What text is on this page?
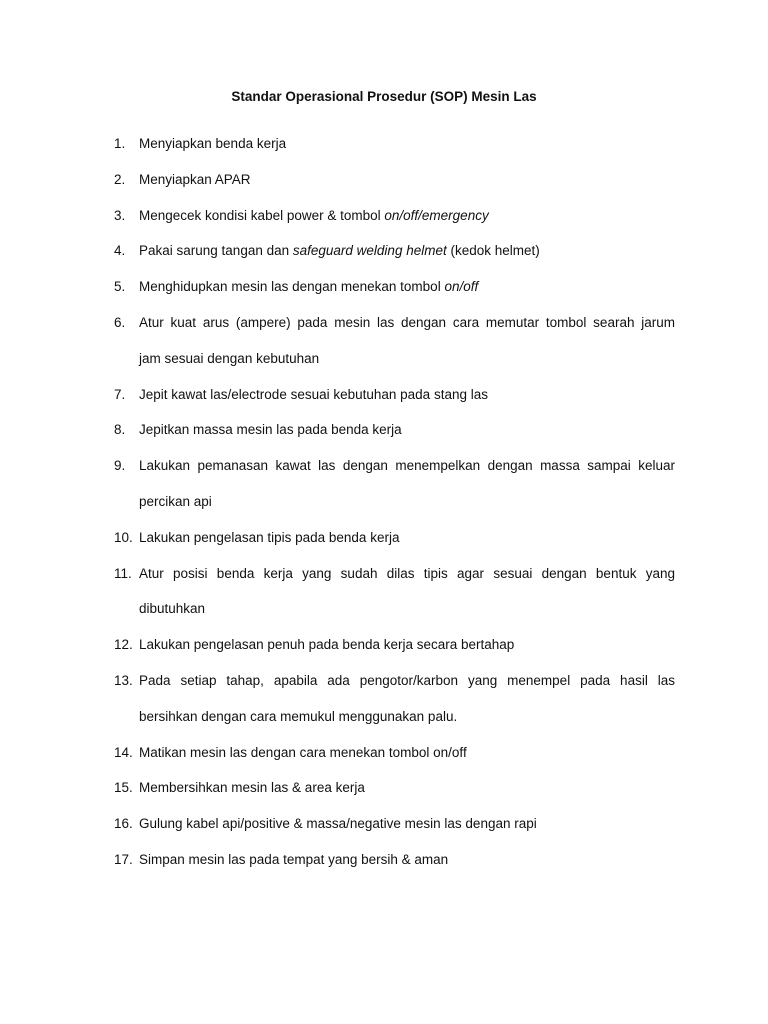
Standar Operasional Prosedur (SOP) Mesin Las
1.	Menyiapkan benda kerja
2.	Menyiapkan APAR
3.	Mengecek kondisi kabel power & tombol on/off/emergency
4.	Pakai sarung tangan dan safeguard welding helmet (kedok helmet)
5.	Menghidupkan mesin las dengan menekan tombol on/off
6.	Atur kuat arus (ampere) pada mesin las dengan cara memutar tombol searah jarum
jam sesuai dengan kebutuhan
7.	Jepit kawat las/electrode sesuai kebutuhan pada stang las
8.	Jepitkan massa mesin las pada benda kerja
9.	Lakukan pemanasan kawat las dengan menempelkan dengan massa sampai keluar
percikan api
10. Lakukan pengelasan tipis pada benda kerja
11. Atur posisi benda kerja yang sudah dilas tipis agar sesuai dengan bentuk yang
dibutuhkan
12. Lakukan pengelasan penuh pada benda kerja secara bertahap
13. Pada setiap tahap, apabila ada pengotor/karbon yang menempel pada hasil las
bersihkan dengan cara memukul menggunakan palu.
14. Matikan mesin las dengan cara menekan tombol on/off
15. Membersihkan mesin las & area kerja
16. Gulung kabel api/positive & massa/negative mesin las dengan rapi
17. Simpan mesin las pada tempat yang bersih & aman
